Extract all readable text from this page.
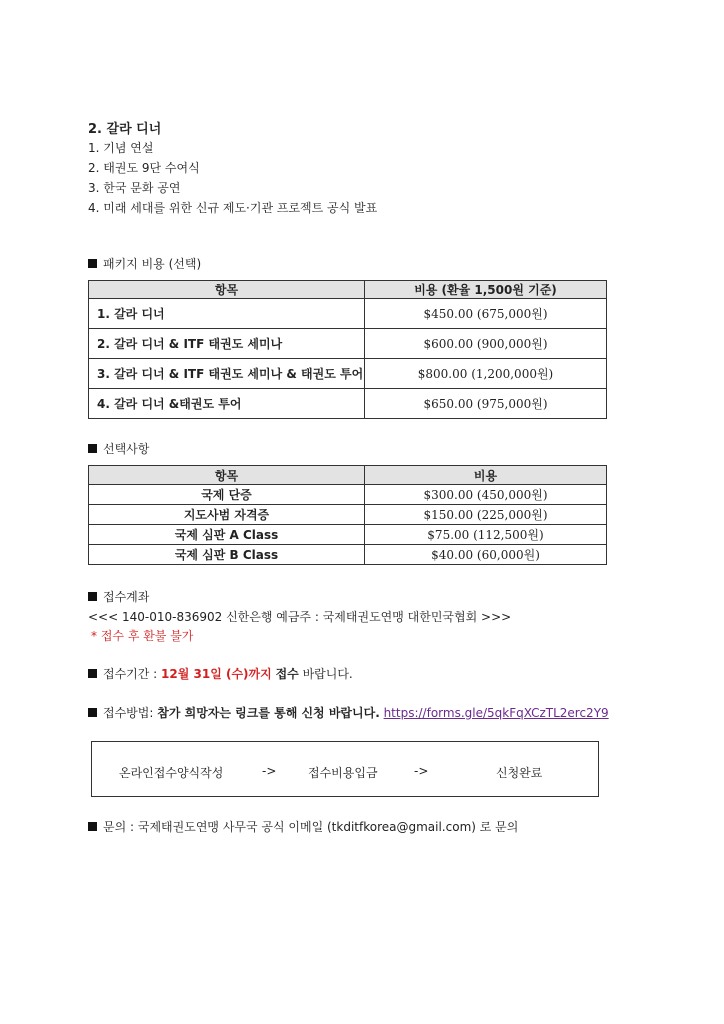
2. 갈라 디너
1. 기념 연설
2. 태권도 9단 수여식
3. 한국 문화 공연
4. 미래 세대를 위한 신규 제도·기관 프로젝트 공식 발표
패키지 비용 (선택)
항목	비용 (환율 1,500원 기준)
1. 갈라 디너	$450.00 (675,000원)
2. 갈라 디너 & ITF 태권도 세미나	$600.00 (900,000원)
3. 갈라 디너 & ITF 태권도 세미나 & 태권도 투어	$800.00 (1,200,000원)
4. 갈라 디너 &태권도 투어	$650.00 (975,000원)
선택사항
항목	비용
국제 단증	$300.00 (450,000원)
지도사범 자격증	$150.00 (225,000원)
국제 심판 A Class	$75.00 (112,500원)
국제 심판 B Class	$40.00 (60,000원)
접수계좌
<<< 140-010-836902 신한은행 예금주 : 국제태권도연맹 대한민국협회 >>>
* 접수 후 환불 불가
접수기간 : 12월 31일 (수)까지 접수 바랍니다.
접수방법: 참가 희망자는 링크를 통해 신청 바랍니다. https://forms.gle/5qkFqXCzTL2erc2Y9
온라인접수양식작성	->	접수비용입금	->	신청완료
문의 : 국제태권도연맹 사무국 공식 이메일 (tkditfkorea@gmail.com) 로 문의
